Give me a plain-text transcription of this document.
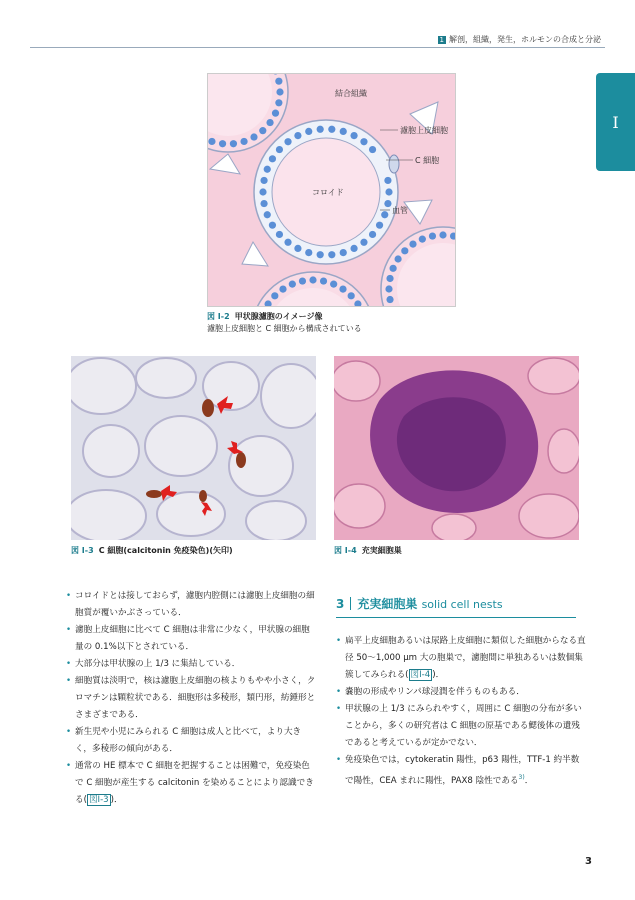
1 解剖，組織，発生，ホルモンの合成と分泌
I
結合組織
濾胞上皮細胞
C 細胞
コロイド
血管
図 I-2 甲状腺濾胞のイメージ像
濾胞上皮細胞と C 細胞から構成されている
図 I-3 C 細胞(calcitonin 免疫染色)(矢印)	図 I-4 充実細胞巣

• コロイドとは接しておらず，濾胞内腔側には濾胞上皮細胞の細胞質が覆いかぶさっている．

• 濾胞上皮細胞に比べて C 細胞は非常に少なく，甲状腺の細胞量の 0.1%以下とされている．

• 大部分は甲状腺の上 1/3 に集結している．

• 細胞質は淡明で，核は濾胞上皮細胞の核よりもやや小さく，クロマチンは顆粒状である．細胞形は多稜形，類円形，紡錘形とさまざまである．

• 新生児や小児にみられる C 細胞は成人と比べて，より大きく，多稜形の傾向がある．

• 通常の HE 標本で C 細胞を把握することは困難で，免疫染色で C 細胞が産生する calcitonin を染めることにより認識できる( 図I-3 )．

3 充実細胞巣 solid cell nests

• 扁平上皮細胞あるいは尿路上皮細胞に類似した細胞からなる直径 50〜1,000 μm 大の胞巣で，濾胞間に単独あるいは数個集簇してみられる( 図I-4 )．

• 嚢胞の形成やリンパ球浸潤を伴うものもある．

• 甲状腺の上 1/3 にみられやすく，周囲に C 細胞の分布が多いことから，多くの研究者は C 細胞の原基である鰓後体の遺残であると考えているが定かでない．

• 免疫染色では，cytokeratin 陽性，p63 陽性，TTF-1 約半数で陽性，CEA まれに陽性，PAX8 陰性である$^{3)}$．

3
